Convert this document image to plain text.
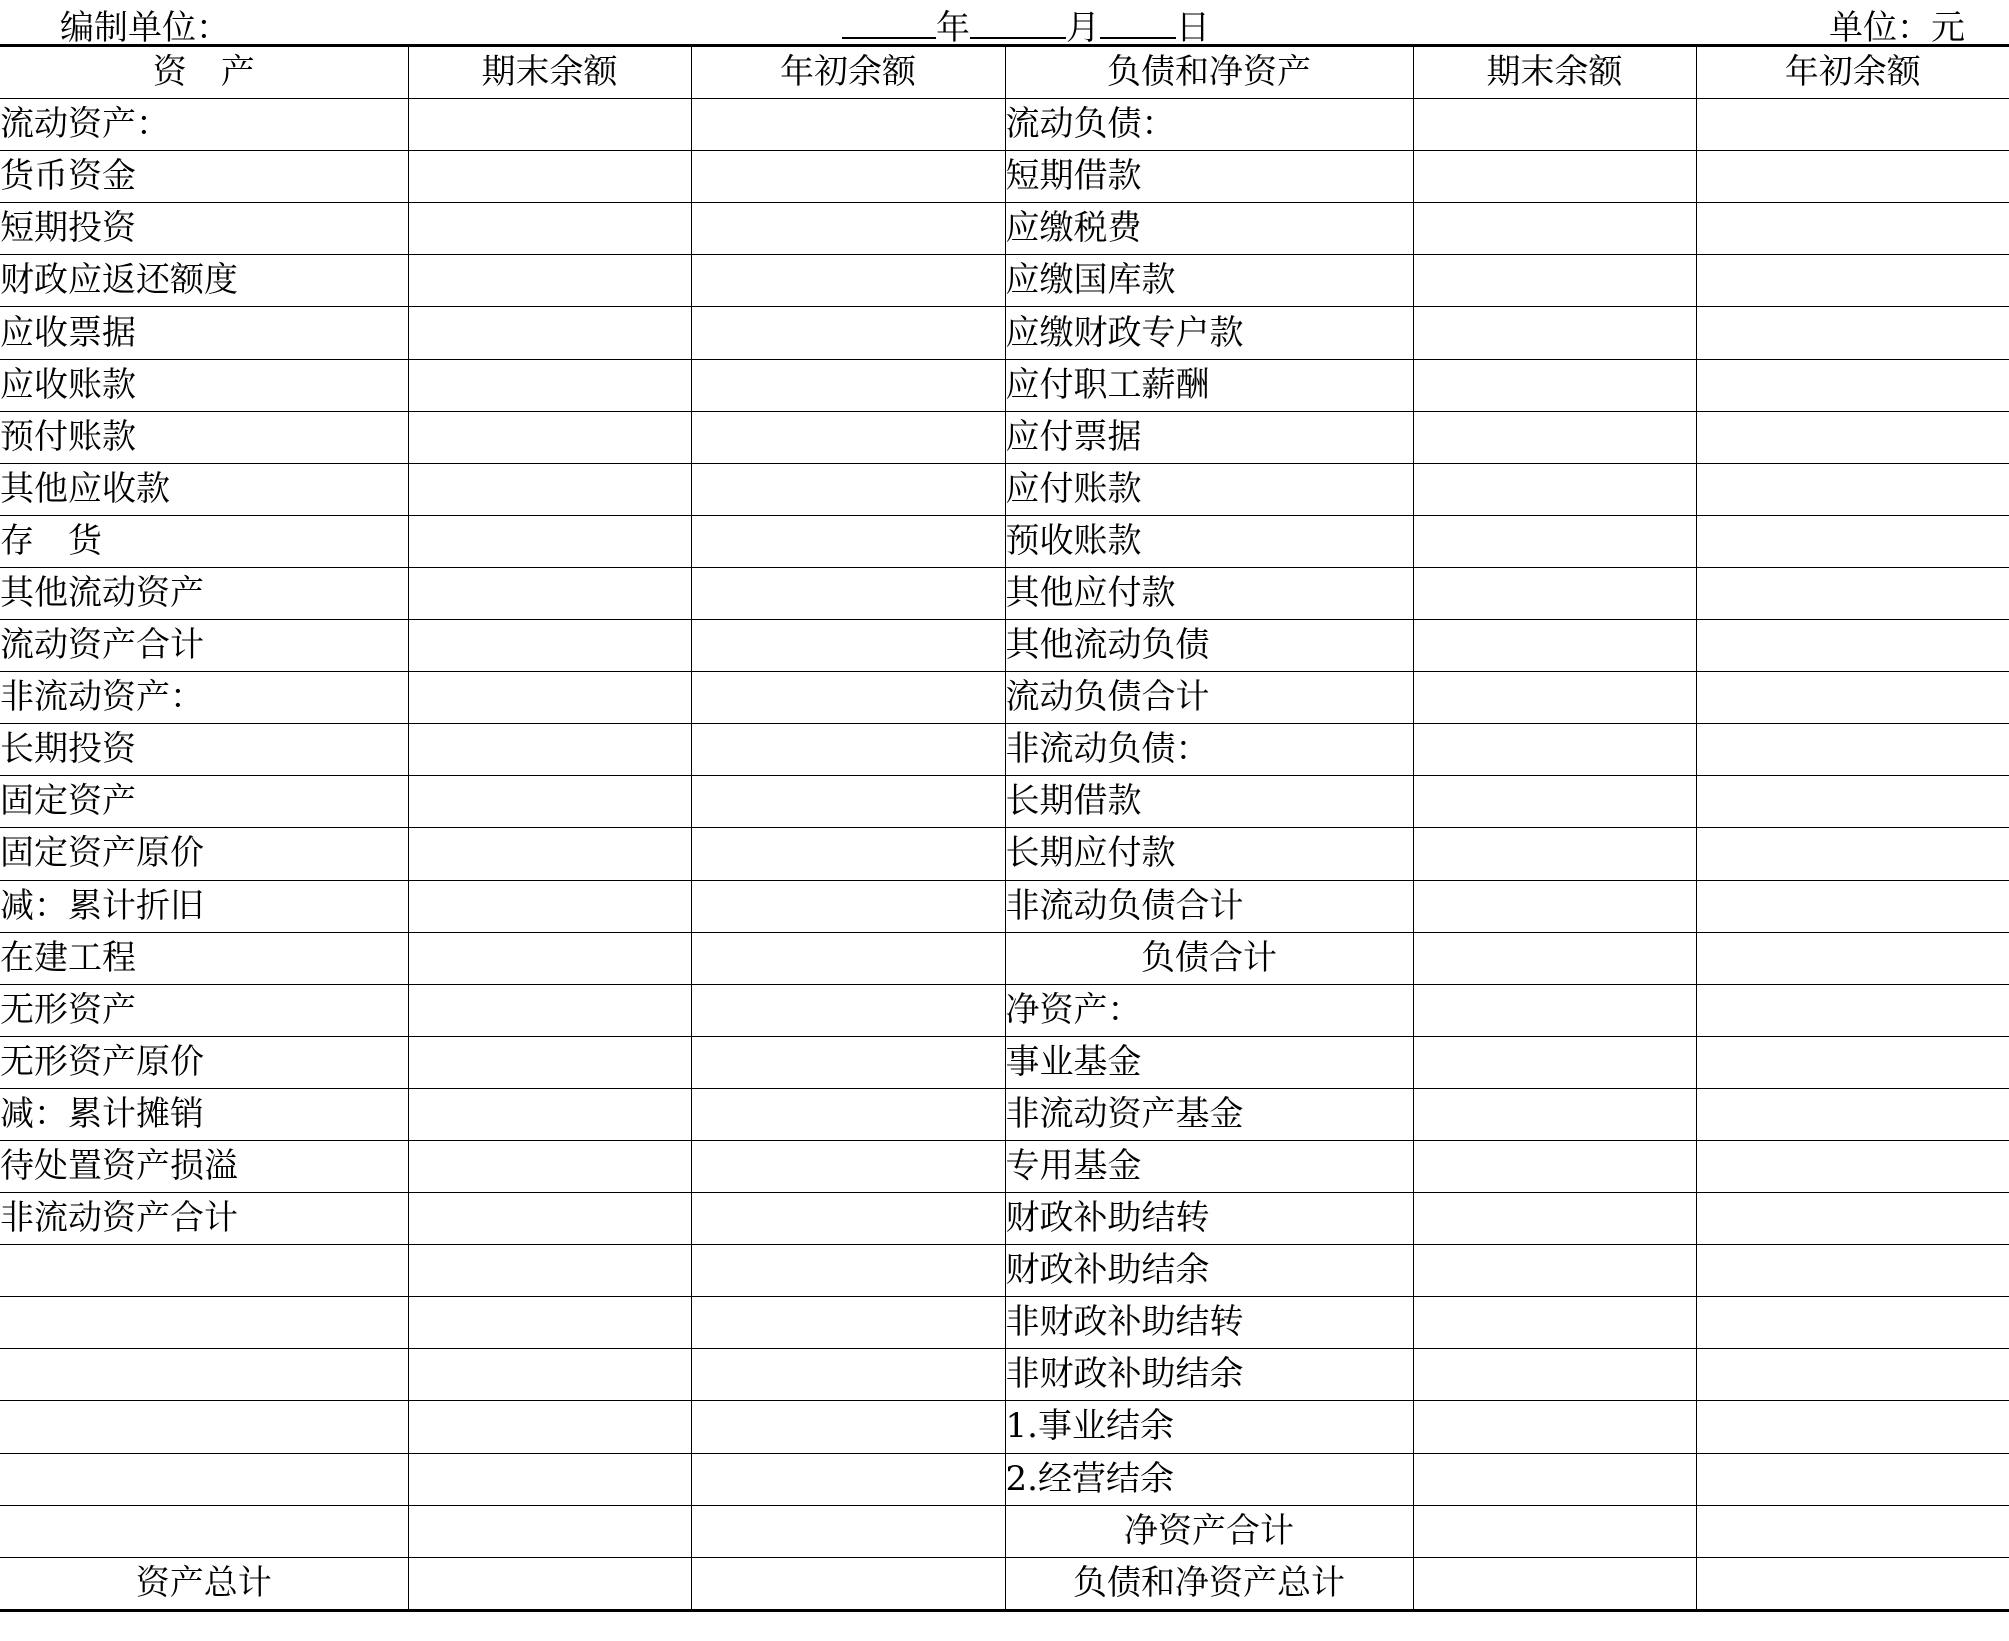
编制单位：	年	月 日	单位：元
资　产	期末余额	年初余额	负债和净资产	期末余额	年初余额
流动资产：			流动负债：		
货币资金			短期借款		
短期投资			应缴税费		
财政应返还额度			应缴国库款		
应收票据			应缴财政专户款		
应收账款			应付职工薪酬		
预付账款			应付票据		
其他应收款			应付账款		
存　货			预收账款		
其他流动资产			其他应付款		
流动资产合计			其他流动负债		
非流动资产：			流动负债合计		
长期投资			非流动负债：		
固定资产			长期借款		
固定资产原价			长期应付款		
减：累计折旧			非流动负债合计		
在建工程			负债合计		
无形资产			净资产：		
无形资产原价			事业基金		
减：累计摊销			非流动资产基金		
待处置资产损溢			专用基金		
非流动资产合计			财政补助结转		
			财政补助结余		
			非财政补助结转		
			非财政补助结余		
			1.事业结余		
			2.经营结余		
			净资产合计		
资产总计			负债和净资产总计		
